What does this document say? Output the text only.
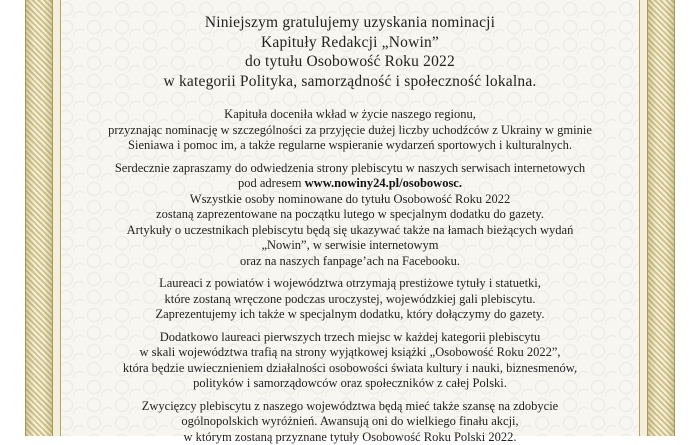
Niniejszym gratulujemy uzyskania nominacji
Kapituły Redakcji „Nowin”
do tytułu Osobowość Roku 2022
w kategorii Polityka, samorządność i społeczność lokalna.
Kapituła doceniła wkład w życie naszego regionu,
przyznając nominację w szczególności za przyjęcie dużej liczby uchodźców z Ukrainy w gminie
Sieniawa i pomoc im, a także regularne wspieranie wydarzeń sportowych i kulturalnych.
Serdecznie zapraszamy do odwiedzenia strony plebiscytu w naszych serwisach internetowych
pod adresem www.nowiny24.pl/osobowosc.
Wszystkie osoby nominowane do tytułu Osobowość Roku 2022
zostaną zaprezentowane na początku lutego w specjalnym dodatku do gazety.
Artykuły o uczestnikach plebiscytu będą się ukazywać także na łamach bieżących wydań
„Nowin”, w serwisie internetowym
oraz na naszych fanpage’ach na Facebooku.
Laureaci z powiatów i województwa otrzymają prestiżowe tytuły i statuetki,
które zostaną wręczone podczas uroczystej, wojewódzkiej gali plebiscytu.
Zaprezentujemy ich także w specjalnym dodatku, który dołączymy do gazety.
Dodatkowo laureaci pierwszych trzech miejsc w każdej kategorii plebiscytu
w skali województwa trafią na strony wyjątkowej książki „Osobowość Roku 2022”,
która będzie uwiecznieniem działalności osobowości świata kultury i nauki, biznesmenów,
polityków i samorządowców oraz społeczników z całej Polski.
Zwycięzcy plebiscytu z naszego województwa będą mieć także szansę na zdobycie
ogólnopolskich wyróżnień. Awansują oni do wielkiego finału akcji,
w którym zostaną przyznane tytuły Osobowość Roku Polski 2022.
